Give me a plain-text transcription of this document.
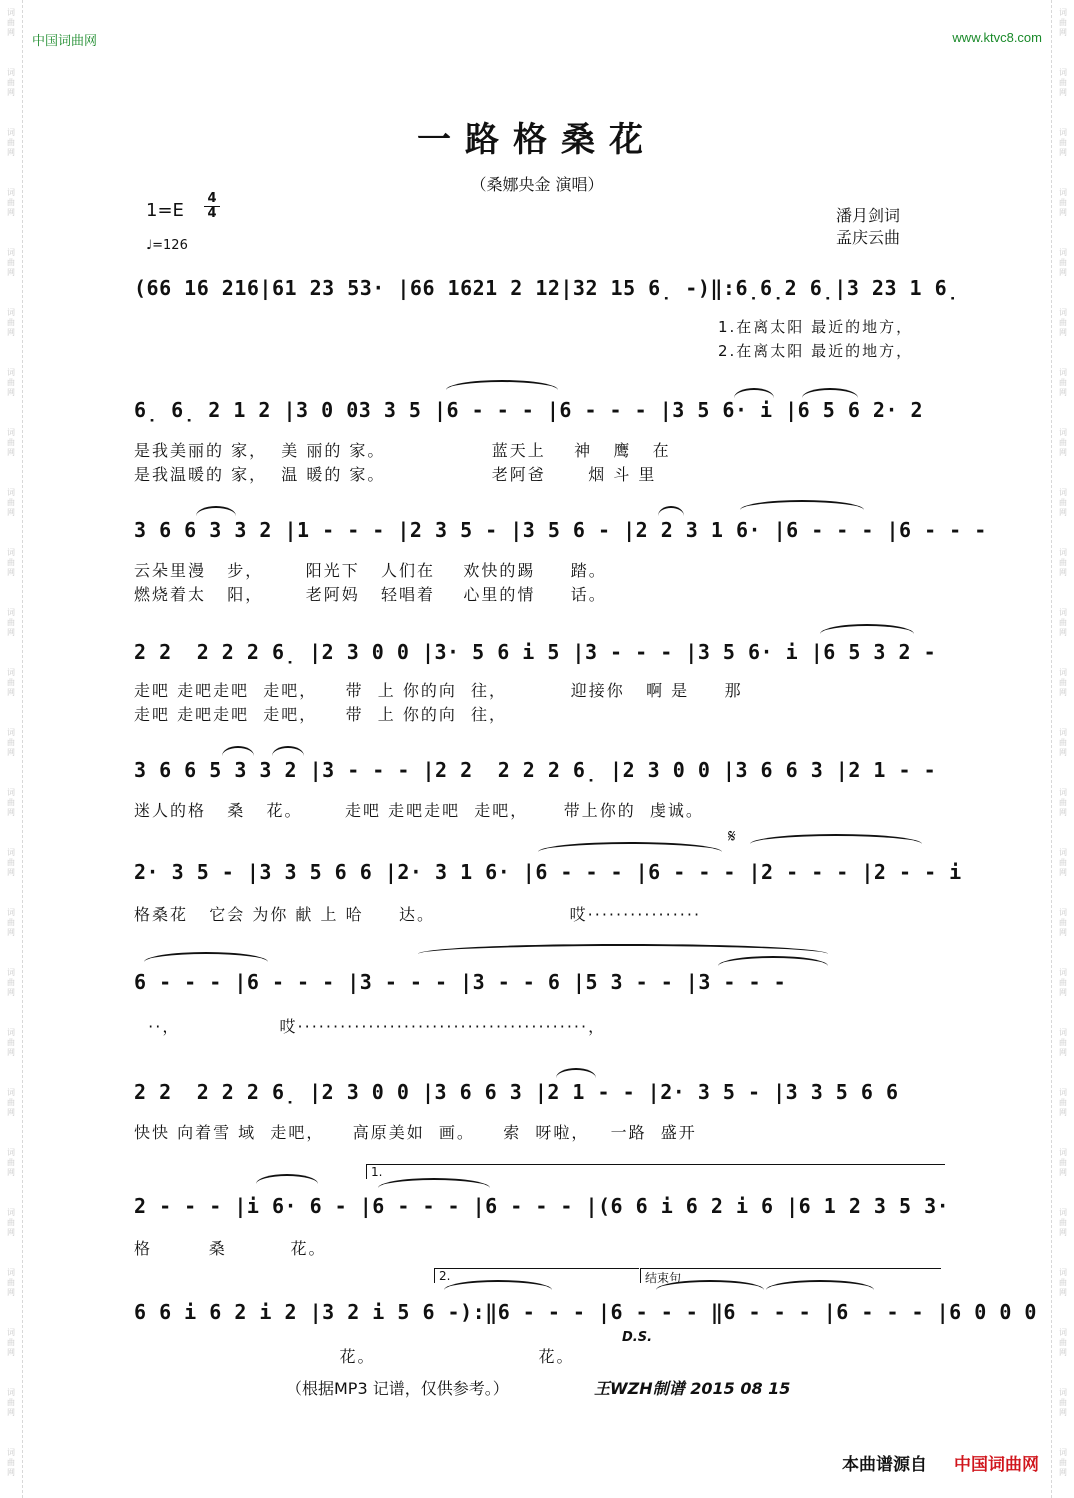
词
曲
网
词
曲
网
词
曲
网
词
曲
网
词
曲
网
词
曲
网
词
曲
网
词
曲
网
词
曲
网
词
曲
网
词
曲
网
词
曲
网
词
曲
网
词
曲
网
词
曲
网
词
曲
网
词
曲
网
词
曲
网
词
曲
网
词
曲
网
词
曲
网
词
曲
网
词
曲
网
词
曲
网
词
曲
网
词
曲
网
词
曲
网
词
曲
网
词
曲
网
词
曲
网
词
曲
网
词
曲
网
词
曲
网
词
曲
网
词
曲
网
词
曲
网
词
曲
网
词
曲
网
词
曲
网
词
曲
网
词
曲
网
词
曲
网
词
曲
网
词
曲
网
词
曲
网
词
曲
网
词
曲
网
词
曲
网
词
曲
网
词
曲
网
中国词曲网	www.ktvc8.com
一路格桑花
（桑娜央金 演唱）
1=E
4
4
♩=126
潘月剑词
孟庆云曲
(66 16 216|61 23 53· |66 1621 2 12|32 15 6̣ -)‖:6̣6̣2 6̣|3 23 1 6̣
1.在离太阳 最近的地方，
2.在离太阳 最近的地方，
6̣ 6̣ 2 1 2 |3 0 03 3 5 |6 - - - |6 - - - |3 5 6· i |6 5 6 2· 2
是我美丽的 家，  美 丽的 家。               蓝天上    神   鹰   在
是我温暖的 家，  温 暖的 家。               老阿爸      烟 斗 里
3 6 6 3 3 2 |1 - - - |2 3 5 - |3 5 6 - |2 2 3 1 6· |6 - - - |6 - - -
云朵里漫   步，      阳光下   人们在    欢快的踢     踏。
燃烧着太   阳，      老阿妈   轻唱着    心里的情     话。
2 2  2 2 2 6̣ |2 3 0 0 |3· 5 6 i 5 |3 - - - |3 5 6· i |6 5 3 2 -
走吧 走吧走吧  走吧，    带  上 你的向  往，         迎接你   啊 是     那
走吧 走吧走吧  走吧，    带  上 你的向  往，
3 6 6 5 3 3 2 |3 - - - |2 2  2 2 2 6̣ |2 3 0 0 |3 6 6 3 |2 1 - -
迷人的格   桑   花。      走吧 走吧走吧  走吧，     带上你的  虔诚。
𝄋
2· 3 5 - |3 3 5 6 6 |2· 3 1 6· |6 - - - |6 - - - |2 - - - |2 - - i
格桑花   它会 为你 献 上 哈     达。                   哎················
6 - - - |6 - - - |3 - - - |3 - - 6 |5 3 - - |3 - - -
··，              哎·········································，
2 2  2 2 2 6̣ |2 3 0 0 |3 6 6 3 |2 1 - - |2· 3 5 - |3 3 5 6 6
快快 向着雪 域  走吧，    高原美如  画。    索  呀啦，   一路  盛开
1.
2 - - - |i 6· 6 - |6 - - - |6 - - - |(6 6 i 6 2 i 6 |6 1 2 3 5 3·
格        桑         花。
2.	结束句
D.S.
6 6 i 6 2 i 2 |3 2 i 5 6 -):‖6 - - - |6 - - - ‖6 - - - |6 - - - |6 0 0 0
花。                       花。
（根据MP3 记谱，仅供参考。）	王WZH制谱 2015 08 15
本曲谱源自 中国词曲网
